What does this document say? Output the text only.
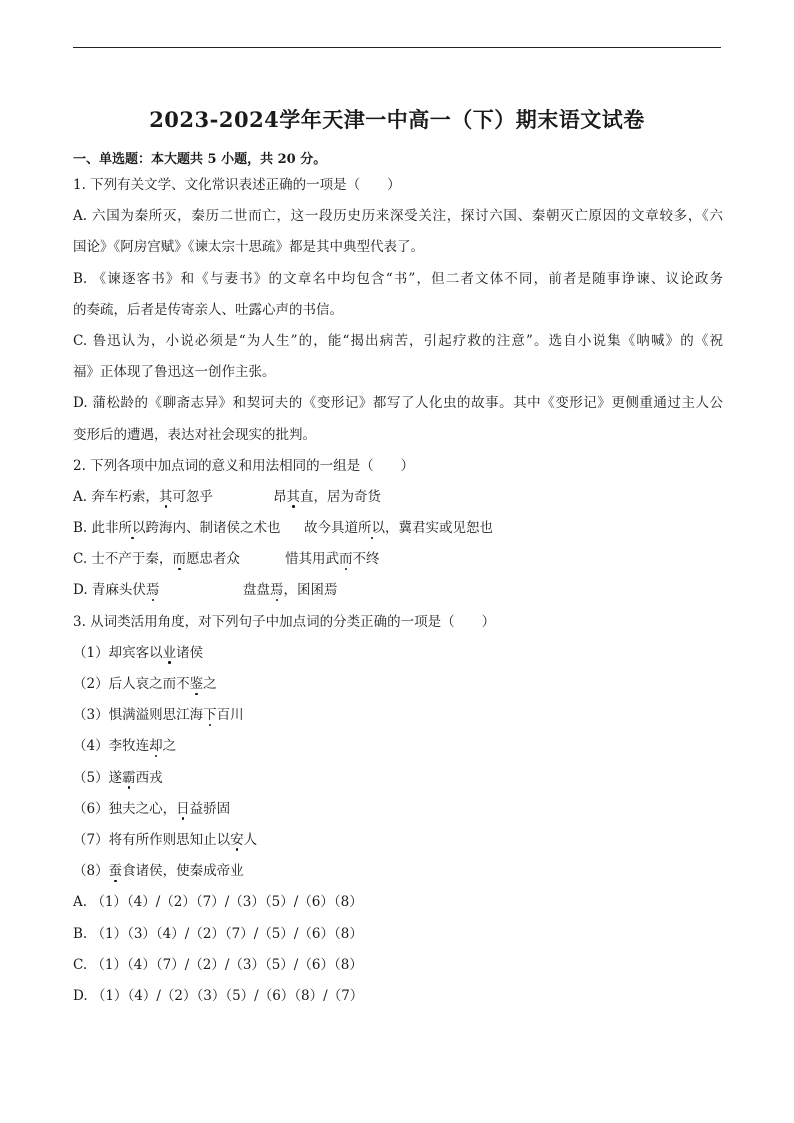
2023-2024学年天津一中高一（下）期末语文试卷
一、单选题：本大题共 5 小题，共 20 分。
1. 下列有关文学、文化常识表述正确的一项是（　　）
A. 六国为秦所灭，秦历二世而亡，这一段历史历来深受关注，探讨六国、秦朝灭亡原因的文章较多，《六
国论》《阿房宫赋》《谏太宗十思疏》都是其中典型代表了。
B. 《谏逐客书》和《与妻书》的文章名中均包含“书”，但二者文体不同，前者是随事诤谏、议论政务
的奏疏，后者是传寄亲人、吐露心声的书信。
C. 鲁迅认为，小说必须是“为人生”的，能“揭出病苦，引起疗救的注意”。选自小说集《呐喊》的《祝
福》正体现了鲁迅这一创作主张。
D. 蒲松龄的《聊斋志异》和契诃夫的《变形记》都写了人化虫的故事。其中《变形记》更侧重通过主人公
变形后的遭遇，表达对社会现实的批判。
2. 下列各项中加点词的意义和用法相同的一组是（　　）
A. 奔车朽索，其可忽乎	昂其直，居为奇货
B. 此非所以跨海内、制诸侯之术也 故今具道所以，冀君实或见恕也
C. 士不产于秦，而愿忠者众	惜其用武而不终
D. 青麻头伏焉	盘盘焉，囷囷焉
3. 从词类活用角度，对下列句子中加点词的分类正确的一项是（　　）
（1）却宾客以业诸侯
（2）后人哀之而不鉴之
（3）惧满溢则思江海下百川
（4）李牧连却之
（5）遂霸西戎
（6）独夫之心，日益骄固
（7）将有所作则思知止以安人
（8）蚕食诸侯，使秦成帝业
A. （1）（4）/（2）（7）/（3）（5）/（6）（8）
B. （1）（3）（4）/（2）（7）/（5）/（6）（8）
C. （1）（4）（7）/（2）/（3）（5）/（6）（8）
D. （1）（4）/（2）（3）（5）/（6）（8）/（7）
